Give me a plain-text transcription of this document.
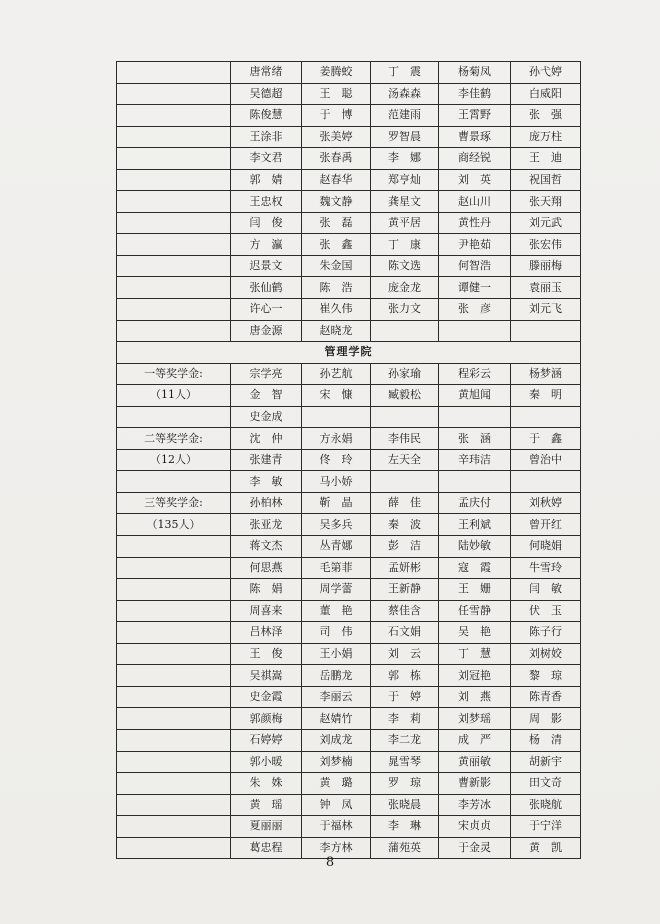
	唐常绪	姜腾蛟	丁　震	杨菊凤	孙弋婷
	吴德超	王　聪	汤森森	李佳鹤	白威阳
	陈俊慧	于　博	范建雨	王霄野	张　强
	王涂非	张美婷	罗智晨	曹景琢	庞万柱
	李文君	张春禹	李　娜	商经锐	王　迪
	郭　婧	赵春华	郑亨灿	刘　英	祝国哲
	王忠权	魏文静	龚星文	赵山川	张天翔
	闫　俊	张　磊	黄平居	黄性丹	刘元武
	方　瀛	张　鑫	丁　康	尹艳茹	张宏伟
	迟景文	朱金国	陈文选	何智浩	滕丽梅
	张仙鹤	陈　浩	庞金龙	谭健一	袁丽玉
	许心一	崔久伟	张力文	张　彦	刘元飞
	唐金源	赵晓龙			
管理学院					
一等奖学金:	宗学亮	孙艺航	孙家瑜	程彩云	杨梦涵
（11人）	金　智	宋　慷	臧毅松	黄旭闻	秦　明
	史金成				
二等奖学金:	沈　仲	方永娟	李伟民	张　涵	于　鑫
（12人）	张建青	佟　玲	左天全	辛玮洁	曾治中
	李　敏	马小娇			
三等奖学金:	孙柏林	靳　晶	薛　佳	孟庆付	刘秋婷
（135人）	张亚龙	吴多兵	秦　波	王利斌	曾开红
	蒋文杰	丛青娜	彭　洁	陆妙敏	何晓娟
	何思燕	毛第菲	孟妍彬	寇　霞	牛雪玲
	陈　娟	周学蕾	王新静	王　姗	闫　敏
	周喜来	董　艳	蔡佳含	任雪静	伏　玉
	吕林泽	司　伟	石文娟	吴　艳	陈子行
	王　俊	王小娟	刘　云	丁　慧	刘树姣
	吴祺嵩	岳鹏龙	郭　栋	刘冠艳	黎　琼
	史金霞	李丽云	于　婷	刘　燕	陈青香
	郭颜梅	赵婧竹	李　莉	刘梦瑶	周　影
	石婷婷	刘成龙	李二龙	成　严	杨　清
	郭小暖	刘梦楠	晁雪琴	黄丽敏	胡新宇
	朱　姝	黄　璐	罗　琼	曹新影	田文奇
	黄　瑶	钟　凤	张晓晨	李芳冰	张晓航
	夏丽丽	于福林	李　琳	宋贞贞	于宁洋
	葛忠程	李方林	蒲苑英	于金灵	黄　凯
8
